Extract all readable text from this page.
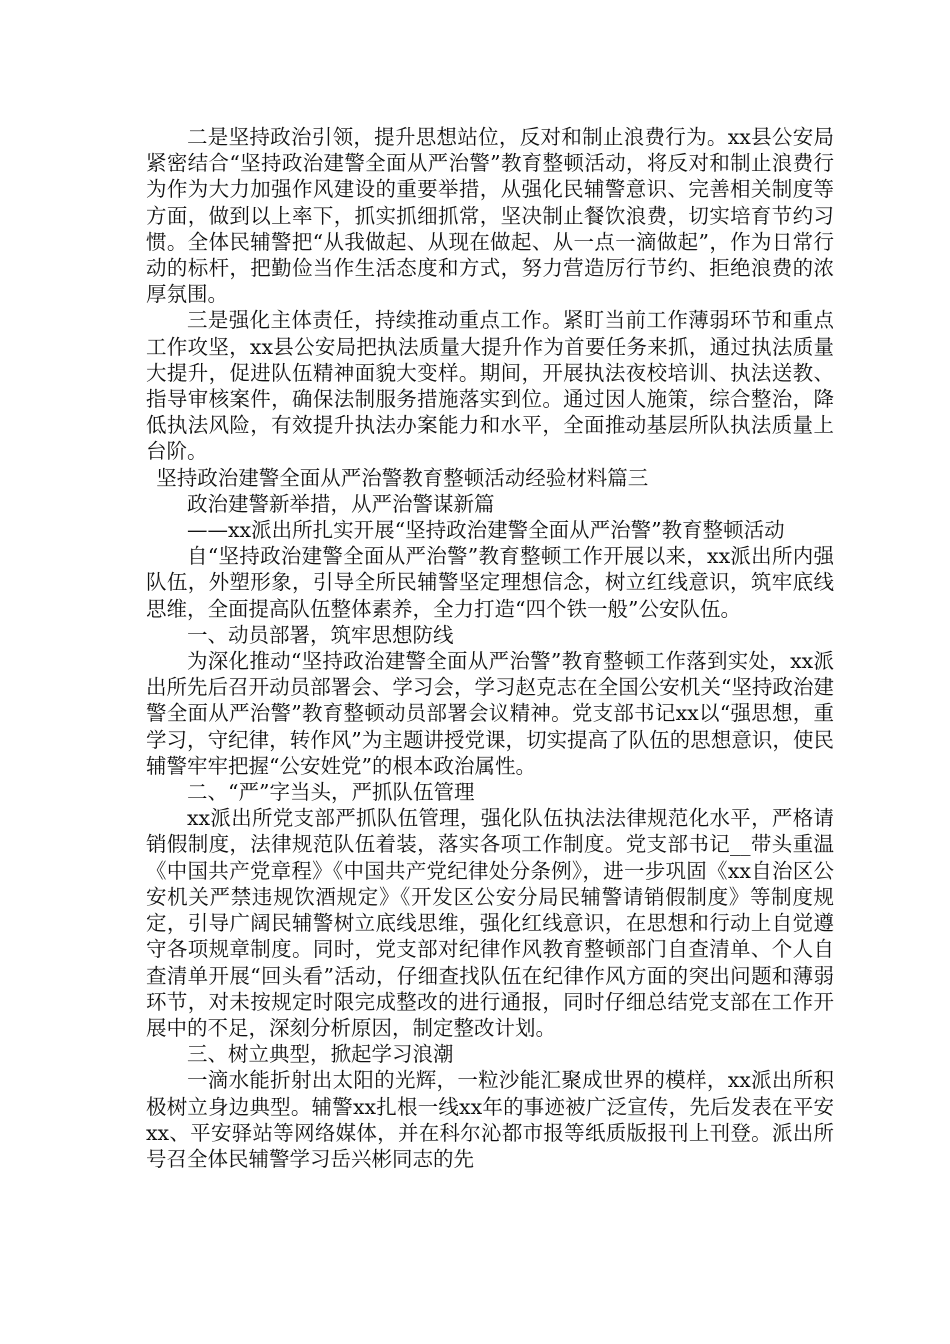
二是坚持政治引领，提升思想站位，反对和制止浪费行为。xx县公安局紧密结合“坚持政治建警全面从严治警”教育整顿活动，将反对和制止浪费行为作为大力加强作风建设的重要举措，从强化民辅警意识、完善相关制度等方面，做到以上率下，抓实抓细抓常，坚决制止餐饮浪费，切实培育节约习惯。全体民辅警把“从我做起、从现在做起、从一点一滴做起”，作为日常行动的标杆，把勤俭当作生活态度和方式，努力营造厉行节约、拒绝浪费的浓厚氛围。

三是强化主体责任，持续推动重点工作。紧盯当前工作薄弱环节和重点工作攻坚，xx县公安局把执法质量大提升作为首要任务来抓，通过执法质量大提升，促进队伍精神面貌大变样。期间，开展执法夜校培训、执法送教、指导审核案件，确保法制服务措施落实到位。通过因人施策，综合整治，降低执法风险，有效提升执法办案能力和水平，全面推动基层所队执法质量上台阶。

坚持政治建警全面从严治警教育整顿活动经验材料篇三

政治建警新举措，从严治警谋新篇

——xx派出所扎实开展“坚持政治建警全面从严治警”教育整顿活动

自“坚持政治建警全面从严治警”教育整顿工作开展以来，xx派出所内强队伍，外塑形象，引导全所民辅警坚定理想信念，树立红线意识，筑牢底线思维，全面提高队伍整体素养，全力打造“四个铁一般”公安队伍。

一、动员部署，筑牢思想防线

为深化推动“坚持政治建警全面从严治警”教育整顿工作落到实处，xx派出所先后召开动员部署会、学习会，学习赵克志在全国公安机关“坚持政治建警全面从严治警”教育整顿动员部署会议精神。党支部书记xx以“强思想，重学习，守纪律，转作风”为主题讲授党课，切实提高了队伍的思想意识，使民辅警牢牢把握“公安姓党”的根本政治属性。

二、“严”字当头，严抓队伍管理

xx派出所党支部严抓队伍管理，强化队伍执法法律规范化水平，严格请销假制度，法律规范队伍着装，落实各项工作制度。党支部书记__带头重温《中国共产党章程》《中国共产党纪律处分条例》，进一步巩固《xx自治区公安机关严禁违规饮酒规定》《开发区公安分局民辅警请销假制度》等制度规定，引导广阔民辅警树立底线思维，强化红线意识，在思想和行动上自觉遵守各项规章制度。同时，党支部对纪律作风教育整顿部门自查清单、个人自查清单开展“回头看”活动，仔细查找队伍在纪律作风方面的突出问题和薄弱环节，对未按规定时限完成整改的进行通报，同时仔细总结党支部在工作开展中的不足，深刻分析原因，制定整改计划。

三、树立典型，掀起学习浪潮

一滴水能折射出太阳的光辉，一粒沙能汇聚成世界的模样，xx派出所积极树立身边典型。辅警xx扎根一线xx年的事迹被广泛宣传，先后发表在平安xx、平安驿站等网络媒体，并在科尔沁都市报等纸质版报刊上刊登。派出所号召全体民辅警学习岳兴彬同志的先
